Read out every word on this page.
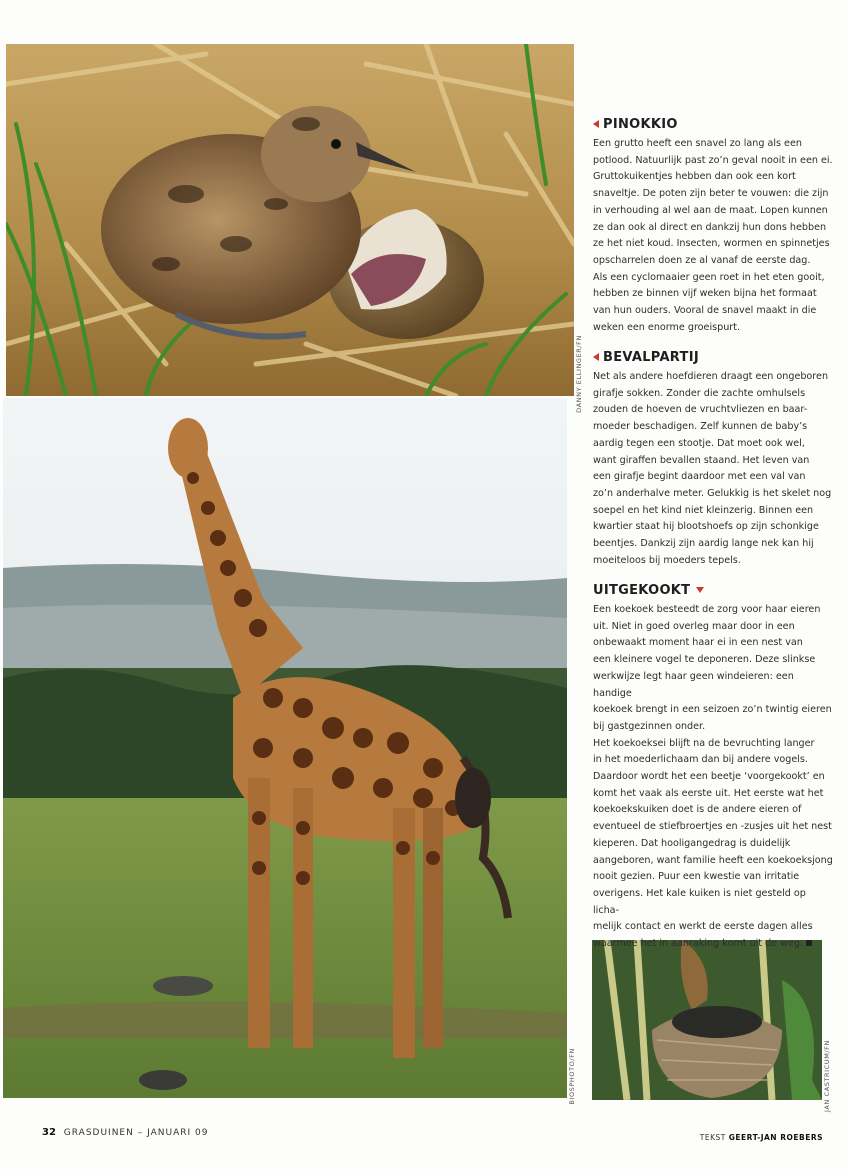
DANNY ELLINGER/FN
BIOSPHOTO/FN	JAN CASTRICUM/FN
PINOKKIO

Een grutto heeft een snavel zo lang als een

potlood. Natuurlijk past zo’n geval nooit in een ei.

Gruttokuikentjes hebben dan ook een kort

snaveltje. De poten zijn beter te vouwen: die zijn

in verhouding al wel aan de maat. Lopen kunnen

ze dan ook al direct en dankzij hun dons hebben

ze het niet koud. Insecten, wormen en spinnetjes

opscharrelen doen ze al vanaf de eerste dag.

Als een cyclomaaier geen roet in het eten gooit,

hebben ze binnen vijf weken bijna het formaat

van hun ouders. Vooral de snavel maakt in die

weken een enorme groeispurt.

BEVALPARTIJ

Net als andere hoefdieren draagt een ongeboren

girafje sokken. Zonder die zachte omhulsels

zouden de hoeven de vruchtvliezen en baar-

moeder beschadigen. Zelf kunnen de baby’s

aardig tegen een stootje. Dat moet ook wel,

want giraffen bevallen staand. Het leven van

een girafje begint daardoor met een val van

zo’n anderhalve meter. Gelukkig is het skelet nog

soepel en het kind niet kleinzerig. Binnen een

kwartier staat hij blootshoefs op zijn schonkige

beentjes. Dankzij zijn aardig lange nek kan hij

moeiteloos bij moeders tepels.

UITGEKOOKT

Een koekoek besteedt de zorg voor haar eieren

uit. Niet in goed overleg maar door in een

onbewaakt moment haar ei in een nest van

een kleinere vogel te deponeren. Deze slinkse

werkwijze legt haar geen windeieren: een handige

koekoek brengt in een seizoen zo’n twintig eieren

bij gastgezinnen onder.

Het koekoeksei blijft na de bevruchting langer

in het moederlichaam dan bij andere vogels.

Daardoor wordt het een beetje ‘voorgekookt’ en

komt het vaak als eerste uit. Het eerste wat het

koekoekskuiken doet is de andere eieren of

eventueel de stiefbroertjes en -zusjes uit het nest

kieperen. Dat hooligangedrag is duidelijk

aangeboren, want familie heeft een koekoeksjong

nooit gezien. Puur een kwestie van irritatie

overigens. Het kale kuiken is niet gesteld op licha-

melijk contact en werkt de eerste dagen alles

waarmee het in aanraking komt uit de weg.

32 GRASDUINEN – JANUARI 09	TEKST GEERT-JAN ROEBERS
